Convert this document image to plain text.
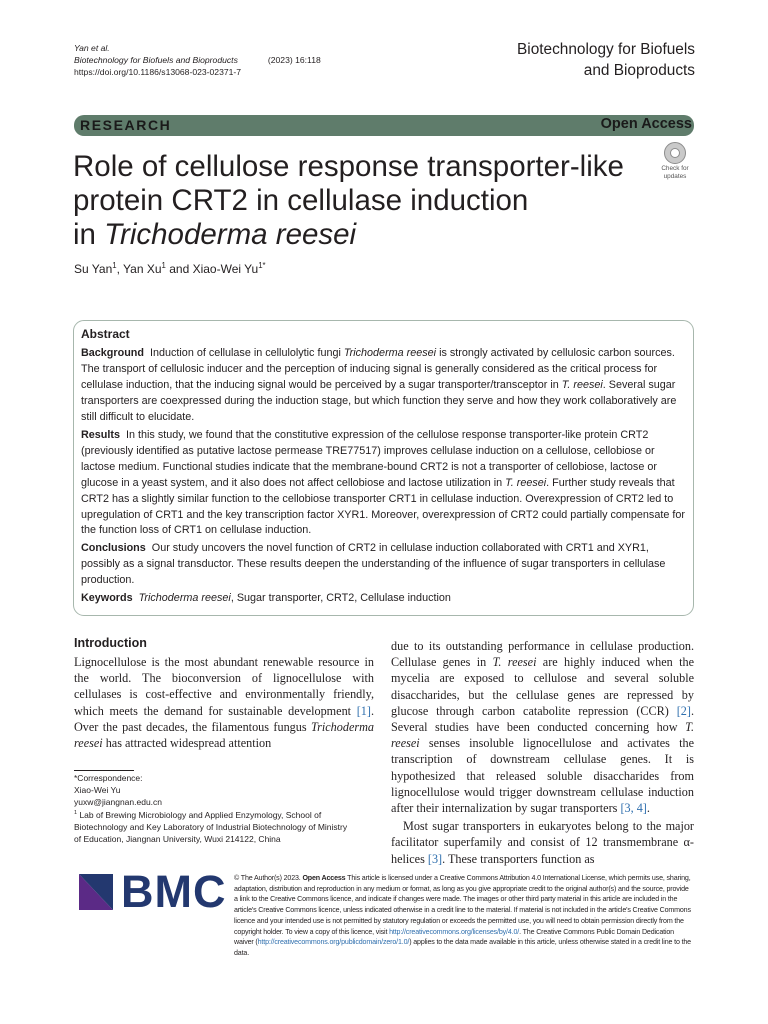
Yan et al.
Biotechnology for Biofuels and Bioproducts	(2023) 16:118
https://doi.org/10.1186/s13068-023-02371-7
Biotechnology for Biofuels
and Bioproducts
RESEARCH	Open Access
Check for
updates
Role of cellulose response transporter-like
protein CRT2 in cellulase induction
in Trichoderma reesei
Su Yan$^1$, Yan Xu$^1$ and Xiao-Wei $Yu^{1*}$
Abstract
Background Induction of cellulase in cellulolytic fungi Trichoderma reesei is strongly activated by cellulosic carbon sources. The transport of cellulosic inducer and the perception of inducing signal is generally considered as the critical process for cellulase induction, that the inducing signal would be perceived by a sugar transporter/transceptor in T. reesei. Several sugar transporters are coexpressed during the induction stage, but which function they serve and how they work collaboratively are still difficult to elucidate.
Results In this study, we found that the constitutive expression of the cellulose response transporter-like protein CRT2 (previously identified as putative lactose permease TRE77517) improves cellulase induction on a cellulose, cellobiose or lactose medium. Functional studies indicate that the membrane-bound CRT2 is not a transporter of cellobiose, lactose or glucose in a yeast system, and it also does not affect cellobiose and lactose utilization in T. reesei. Further study reveals that CRT2 has a slightly similar function to the cellobiose transporter CRT1 in cellulase induction. Overexpression of CRT2 led to upregulation of CRT1 and the key transcription factor XYR1. Moreover, overexpression of CRT2 could partially compensate for the function loss of CRT1 on cellulase induction.
Conclusions Our study uncovers the novel function of CRT2 in cellulase induction collaborated with CRT1 and XYR1, possibly as a signal transductor. These results deepen the understanding of the influence of sugar transporters in cellulase production.
Keywords Trichoderma reesei, Sugar transporter, CRT2, Cellulase induction
Introduction
Lignocellulose is the most abundant renewable resource in the world. The bioconversion of lignocellulose with cellulases is cost-effective and environmentally friendly, which meets the demand for sustainable development [1]. Over the past decades, the filamentous fungus Trichoderma reesei has attracted widespread attention
due to its outstanding performance in cellulase production. Cellulase genes in T. reesei are highly induced when the mycelia are exposed to cellulose and several soluble disaccharides, but the cellulase genes are repressed by glucose through carbon catabolite repression (CCR) [2]. Several studies have been conducted concerning how T. reesei senses insoluble lignocellulose and activates the transcription of downstream cellulase genes. It is hypothesized that released soluble disaccharides from lignocellulose would trigger downstream cellulase induction after their internalization by sugar transporters [3, 4].
Most sugar transporters in eukaryotes belong to the major facilitator superfamily and consist of 12 transmembrane α-helices [3]. These transporters function as
*Correspondence:
Xiao-Wei Yu
yuxw@jiangnan.edu.cn
$^1$ Lab of Brewing Microbiology and Applied Enzymology, School of Biotechnology and Key Laboratory of Industrial Biotechnology of Ministry of Education, Jiangnan University, Wuxi 214122, China
BMC © The Author(s) 2023. Open Access This article is licensed under a Creative Commons Attribution 4.0 International License, which permits use, sharing, adaptation, distribution and reproduction in any medium or format, as long as you give appropriate credit to the original author(s) and the source, provide a link to the Creative Commons licence, and indicate if changes were made. The images or other third party material in this article are included in the article's Creative Commons licence, unless indicated otherwise in a credit line to the material. If material is not included in the article's Creative Commons licence and your intended use is not permitted by statutory regulation or exceeds the permitted use, you will need to obtain permission directly from the copyright holder. To view a copy of this licence, visit http://creativecommons.org/licenses/by/4.0/. The Creative Commons Public Domain Dedication waiver (http://creativecommons.org/publicdomain/zero/1.0/) applies to the data made available in this article, unless otherwise stated in a credit line to the data.
